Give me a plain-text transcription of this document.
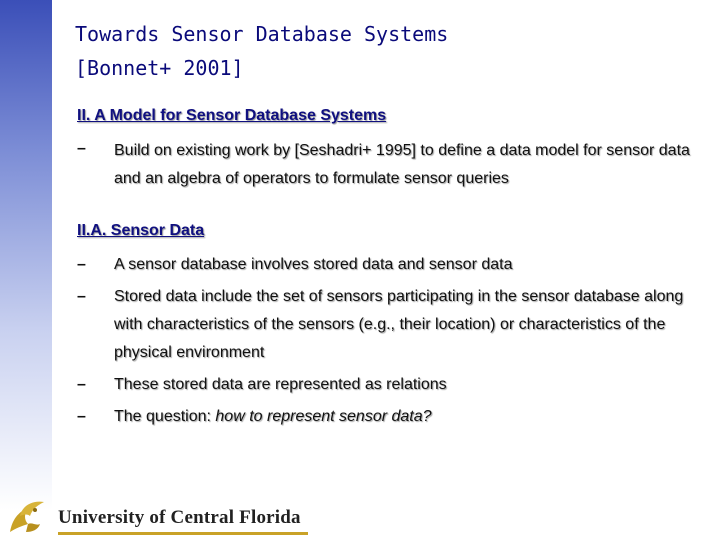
Towards Sensor Database Systems
[Bonnet+ 2001]
II. A Model for Sensor Database Systems
– Build on existing work by [Seshadri+ 1995] to define a data model for sensor data and an algebra of operators to formulate sensor queries
II.A. Sensor Data
– A sensor database involves stored data and sensor data
– Stored data include the set of sensors participating in the sensor database along with characteristics of the sensors (e.g., their location) or characteristics of the physical environment
– These stored data are represented as relations
– The question: how to represent sensor data?
University of Central Florida
